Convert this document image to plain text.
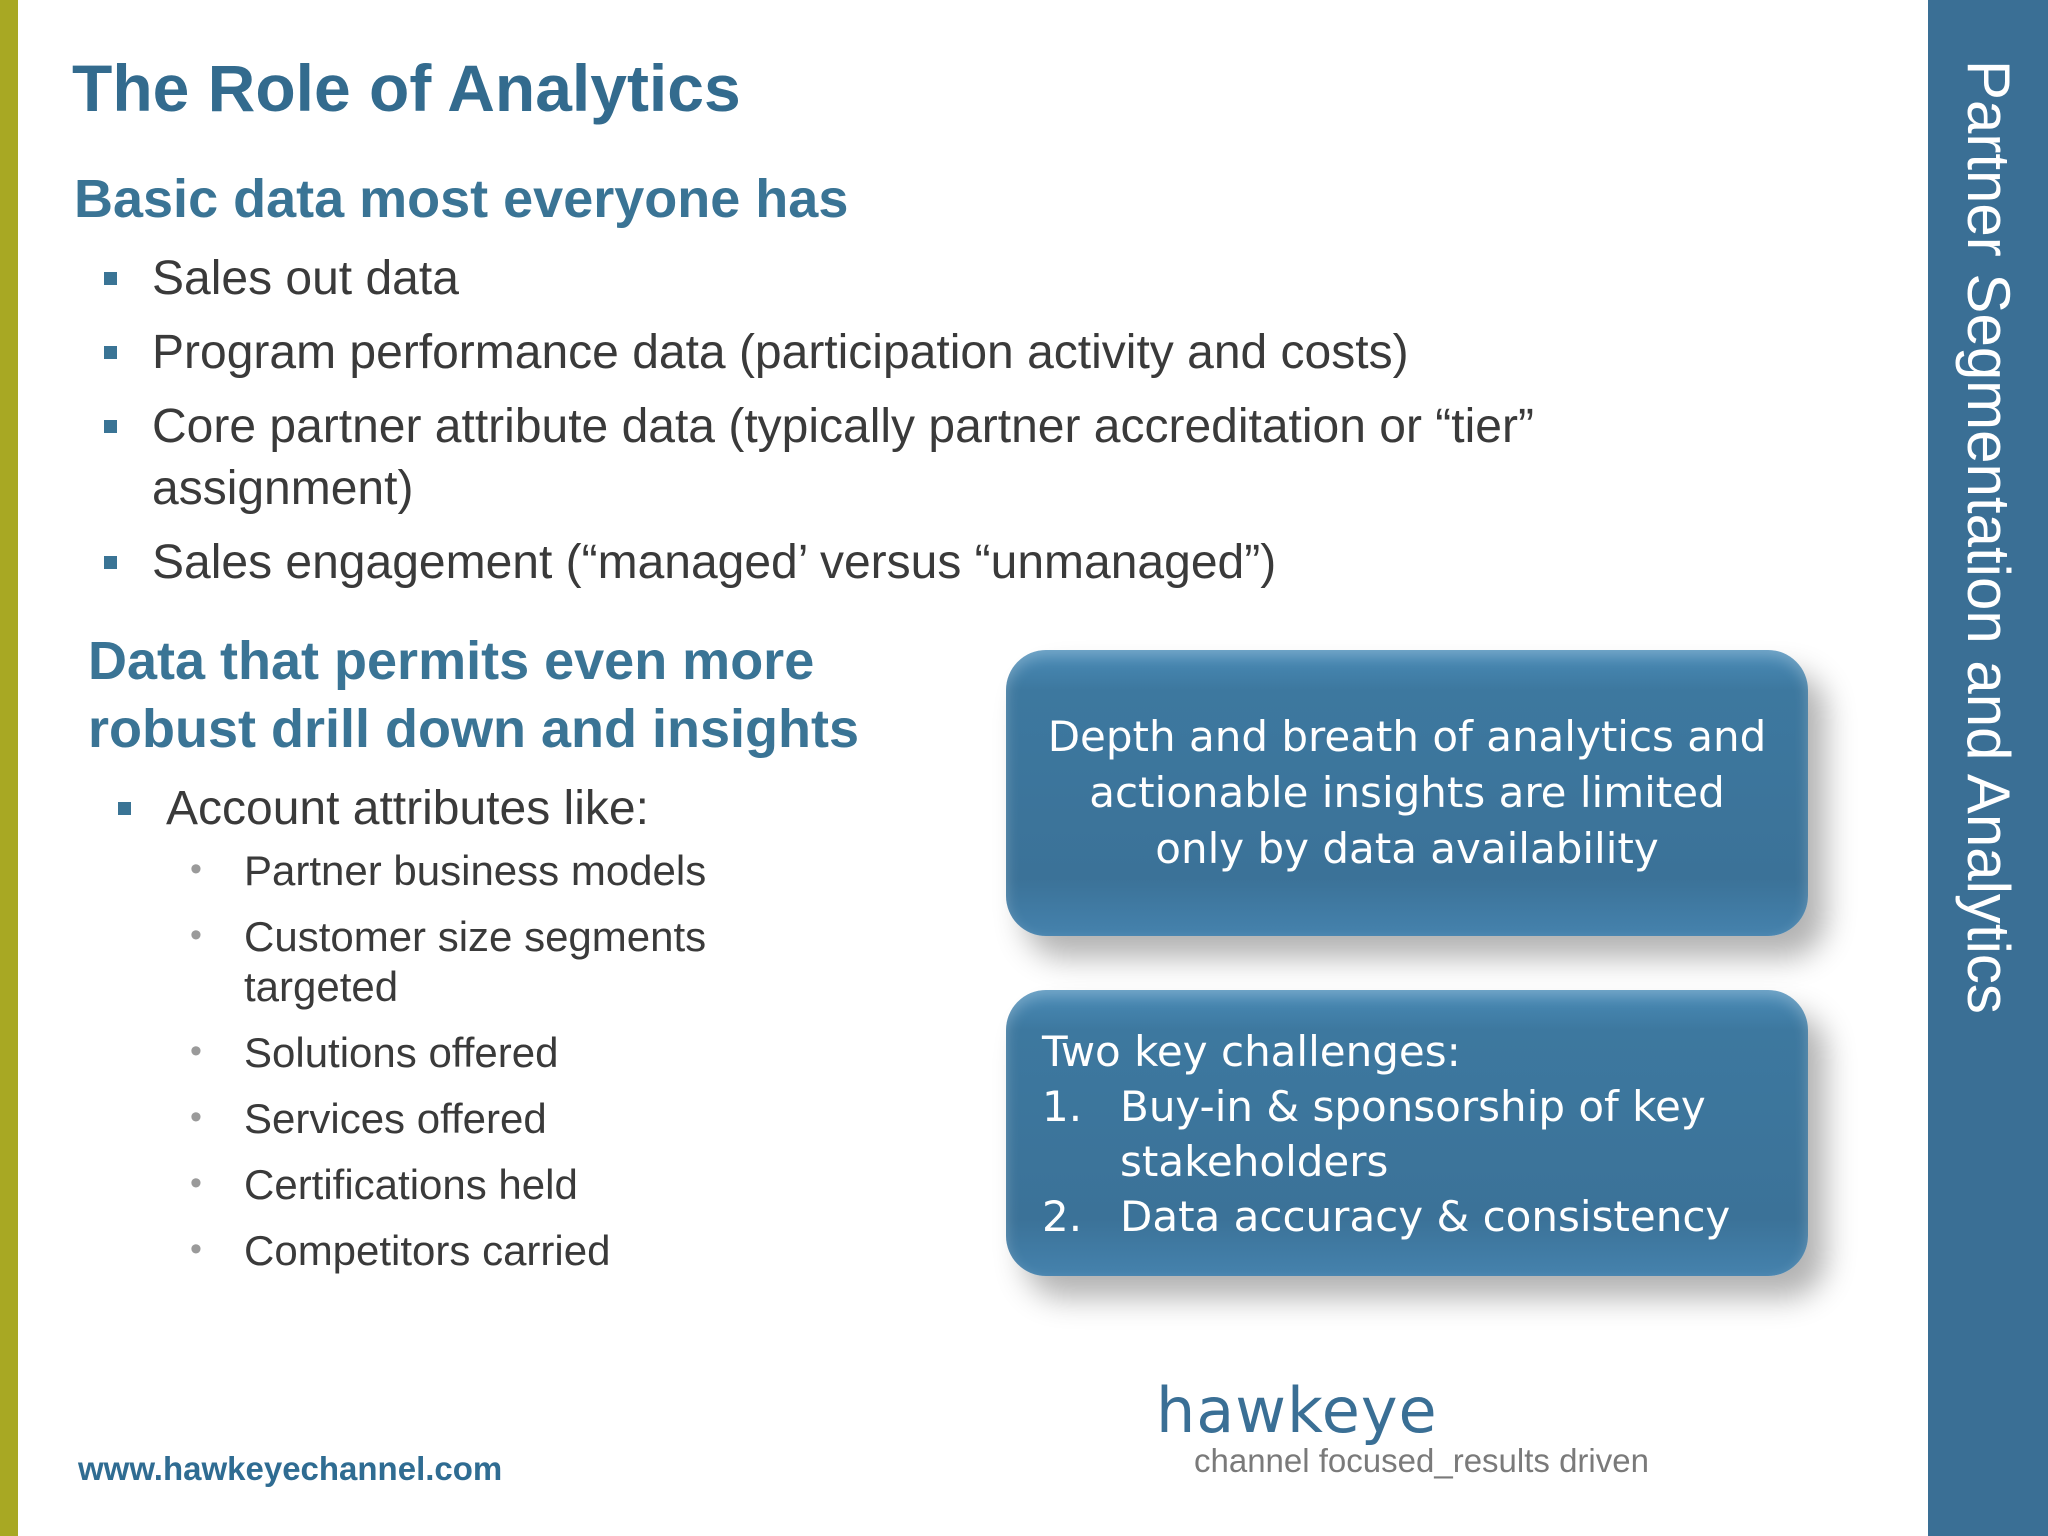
Partner Segmentation and Analytics
The Role of Analytics
Basic data most everyone has
Sales out data
Program performance data (participation activity and costs)
Core partner attribute data (typically partner accreditation or “tier” assignment)
Sales engagement (“managed’ versus “unmanaged”)
Data that permits even more
robust drill down and insights
Account attributes like:
• Partner business models
• Customer size segments targeted
• Solutions offered
• Services offered
• Certifications held
• Competitors carried
Depth and breath of analytics and actionable insights are limited only by data availability
Two key challenges:
1. Buy-in & sponsorship of key stakeholders
2. Data accuracy & consistency
hawkeye
channel focused_results driven
www.hawkeyechannel.com
